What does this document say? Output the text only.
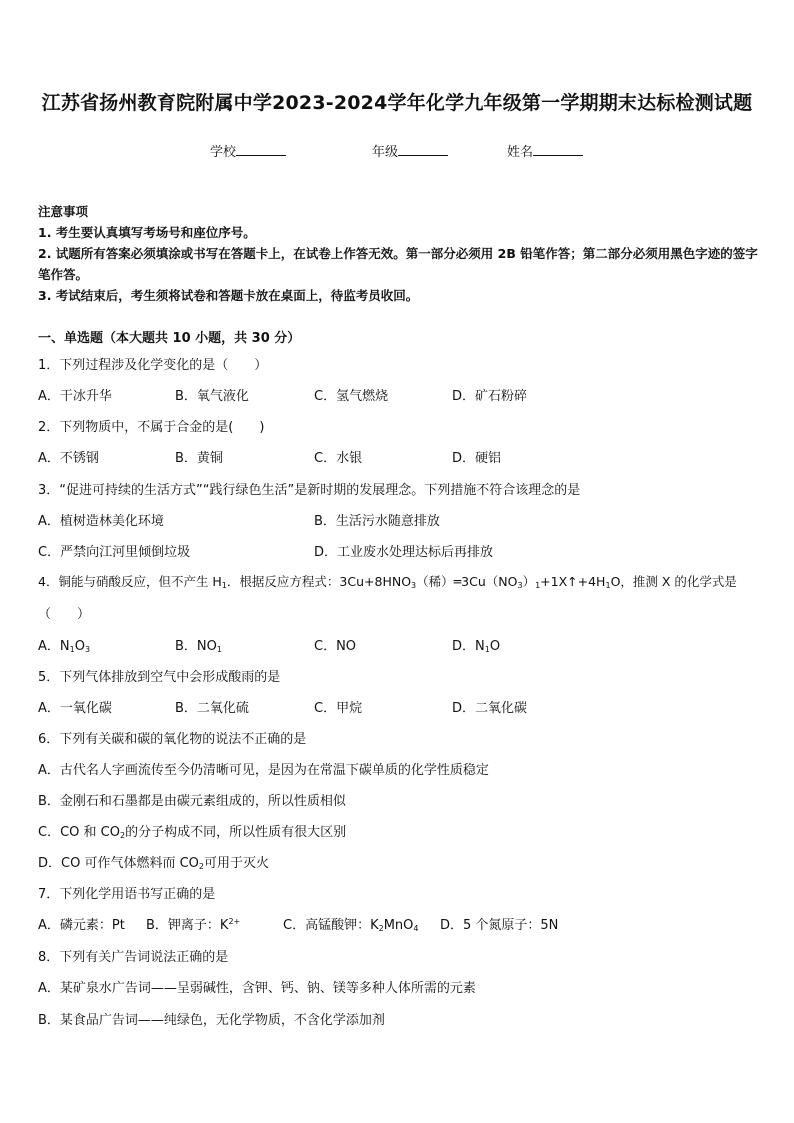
江苏省扬州教育院附属中学2023-2024学年化学九年级第一学期期末达标检测试题
学校	年级	姓名
注意事项
1. 考生要认真填写考场号和座位序号。
2. 试题所有答案必须填涂或书写在答题卡上，在试卷上作答无效。第一部分必须用 2B 铅笔作答；第二部分必须用黑色字迹的签字笔作答。
3. 考试结束后，考生须将试卷和答题卡放在桌面上，待监考员收回。
一、单选题（本大题共 10 小题，共 30 分）
1．下列过程涉及化学变化的是（　　）
A．干冰升华	B．氧气液化	C．氢气燃烧	D．矿石粉碎
2．下列物质中，不属于合金的是(　　)
A．不锈钢	B．黄铜	C．水银	D．硬铝
3．“促进可持续的生活方式”“践行绿色生活”是新时期的发展理念。下列措施不符合该理念的是
A．植树造林美化环境	B．生活污水随意排放
C．严禁向江河里倾倒垃圾	D．工业废水处理达标后再排放
4．铜能与硝酸反应，但不产生 $H_1$．根据反应方程式：$3Cu+8HNO_3$（稀）$═3Cu(NO_3)_1+1X↑+4H_1O$，推测 X 的化学式是
（　　）
A．$N_1O_3$	B．$NO_1$	C．NO	D．$N_1O$
5．下列气体排放到空气中会形成酸雨的是
A．一氧化碳	B．二氧化硫	C．甲烷	D．二氧化碳
6．下列有关碳和碳的氧化物的说法不正确的是
A．古代名人字画流传至今仍清晰可见，是因为在常温下碳单质的化学性质稳定
B．金刚石和石墨都是由碳元素组成的，所以性质相似
C．CO 和 $CO_2$的分子构成不同，所以性质有很大区别
D．CO 可作气体燃料而 $CO_2$可用于灭火
7．下列化学用语书写正确的是
A．磷元素：Pt B．钾离子：$K^{2+}$	C．高锰酸钾：$K_2MnO_4$ D．5 个氮原子：5N
8．下列有关广告词说法正确的是
A．某矿泉水广告词——呈弱碱性，含钾、钙、钠、镁等多种人体所需的元素
B．某食品广告词——纯绿色，无化学物质，不含化学添加剂
